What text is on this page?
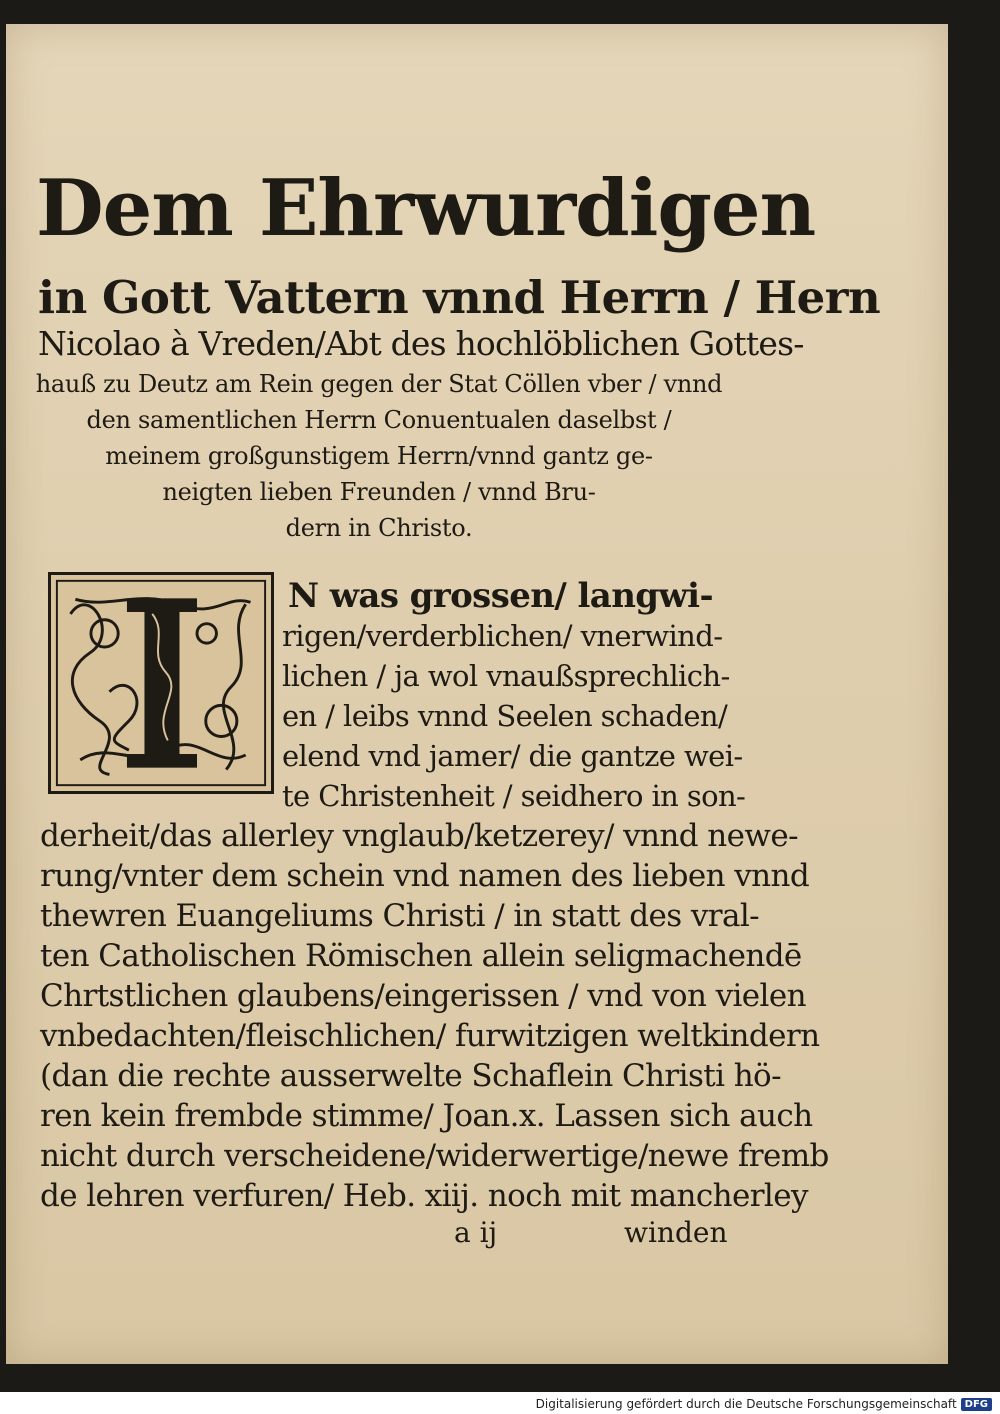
Dem Ehrwurdigen
in Gott Vattern vnnd Herrn / Hern
Nicolao à Vreden/Abt des hochlöblichen Gottes-
hauß zu Deutz am Rein gegen der Stat Cöllen vber / vnnd
den samentlichen Herrn Conuentualen daselbst /
meinem großgunstigem Herrn/vnnd gantz ge-
neigten lieben Freunden / vnnd Bru-
dern in Christo.
N was grossen/ langwi-
rigen/verderblichen/ vnerwind-
lichen / ja wol vnaußsprechlich-
en / leibs vnnd Seelen schaden/
elend vnd jamer/ die gantze wei-
te Christenheit / seidhero in son-
derheit/das allerley vnglaub/ketzerey/ vnnd newe-
rung/vnter dem schein vnd namen des lieben vnnd
thewren Euangeliums Christi / in statt des vral-
ten Catholischen Römischen allein seligmachendē
Chrtstlichen glaubens/eingerissen / vnd von vielen
vnbedachten/fleischlichen/ furwitzigen weltkindern
(dan die rechte ausserwelte Schaflein Christi hö-
ren kein frembde stimme/ Joan.x. Lassen sich auch
nicht durch verscheidene/widerwertige/newe fremb
de lehren verfuren/ Heb. xiij. noch mit mancherley
a ij	winden
Digitalisierung gefördert durch die Deutsche Forschungsgemeinschaft DFG
